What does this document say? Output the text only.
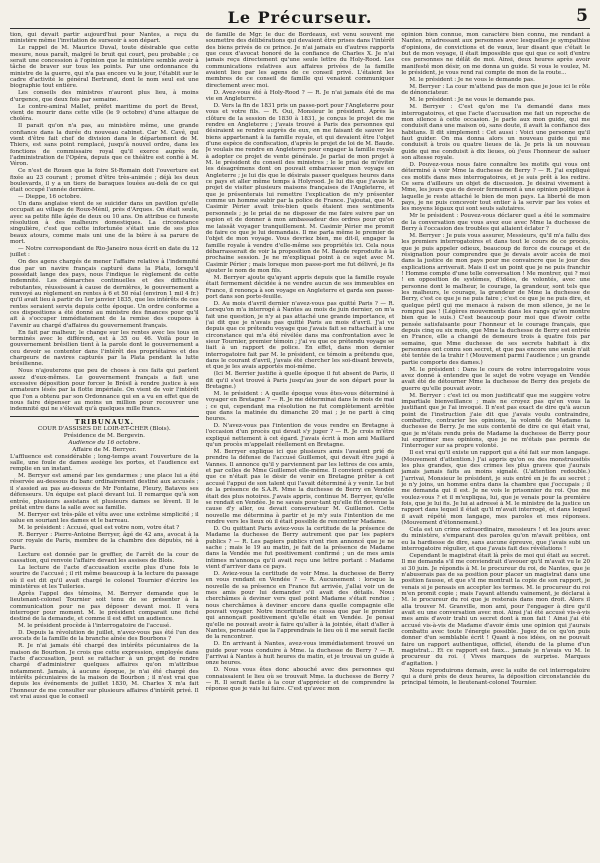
Le Précurseur.	5

tion, qui devait partir aujourd'hui pour Nantes, a reçu du ministère même l'invitation de surseoir à son départ.

Le rappel de M. Maurice Duval, toute désirable que cette mesure, nous paraît, malgré le bruit qui court, peu probable ; ce serait une concession à l'opinion que le ministère semble avoir à tâche de braver sur tous les points. Par une ordonnance du ministre de la guerre, qui n'a pas encore vu le jour, l'établit sur le cadre d'activité le général Bertrand, dont le nom seul est une biographie tout entière.

Les conseils des ministres n'auront plus lieu, à moins d'urgence, que deux fois par semaine.

Le contre-amiral Mallet, préfet maritime du port de Brest, vient de mourir dans cette ville (le 9 octobre) d'une attaque de choléra.

Il parait qu'on n'a pas, au ministère même, une grande confiance dans la durée du nouveau cabinet. Car M. Cavé, qui vient d'être fait chef de division dans le département de M. Thiers, est sans point remplacé, jusqu'à nouvel ordre, dans les fonctions de commissaire royal qu'il exerce auprès de l'administration de l'Opéra, depuis que ce théâtre est confié à M. Véron.

Ce n'est de Rouen que la foire St-Romain doit l'ouverture est fixée au 23 courant ; promet d'être très-animée ; déjà les deux boulevards, il y a un tiers de baraques louées au-delà de ce qui était occupé l'année dernière.

— Dieppe, 16 octobre.

Un dans anglaise vient de se suicider dans un pavillon qu'elle occupait au village de Roux-Ménil, près d'Arques. On était seule, avec sa petite fille âgée de deux ou 10 ans. On attribue ce funeste résolution à des malheurs domestiques. La circonstance singulière, c'est que cette infortunée s'était unie de ses plus beaux atours, comme mais uni une de la bière à sa parure de mort.

— Notre correspondant de Rio-Janeiro nous écrit en date du 12 juillet :

On des agens chargés de mener l'affaire relative à l'indemnité due par un navire français capturé dans la Plata, lorsqu'il possédait lange des pays, nous l'indique le règlement de cette indemnité. Les démarches continuelles et des difficultés rebutantes, réussissant à cause de dernières, le gouvernement a renvoyé au règlement en rentes à 6 et 50 réal (environ 1 mil 4 fr.) qu'il avait lieu à partir du 1er janvier 1835, que les intérêts de ces rentes seraient servis depuis cette époque. Un ordre conforme a ces dispositions a été donné au ministre des finances pour qu'il ait à s'occuper immédiatement de la remise des coupons à l'avenir au chargé d'affaires du gouvernement français.

En fait par malheur, le change sur les rentes avec les tous en terminés avec le différend, est à 35 ou 46. Voilà pour le gouvernement brésilien tient à la parole dont le gouvernement a ceu devoir se contenter dans l'intérêt des propriétaires et des chargeurs de navires capturés par la Plata pendant la lutte brésilienne.

Nous n'ajouterons que peu de choses à ces faits qui parlent assez d'eux-mêmes. Le gouvernement français a fait une excessive déposition pour forcer le Brésil à rendre justice à ses armateurs lésés par la flotte impériale. On vient de voir l'intérêt que l'on a obtenu par son Ordonnance qui en a vu en effet que de nous faire dépenser au moins un million pour recouvrer une indemnité qui ne s'élevait qu'à quelques mille francs.

TRIBUNAUX.

COUR D'ASSISES DE LOIR-ET-CHER (Blois).

Présidence de M. Bergevin.

Audience du 16 octobre.

Affaire de M. Berryer.

L'affluence est considérable ; long-temps avant l'ouverture de la salle, une foule de dames assiège les portes, et l'audience est remplie en un instant.

M. Berryer est amené par les gendarmes ; une place lui a été réservée au-dessous du banc ordinairement destiné aux accusés ; il s'assied au pas au-dessus de Mr Fontaine, Fleury, Bataves ses défenseurs. Un équipe est placé devant lui. Il remarque qu'à son entrée, plusieurs assistans et plusieurs dames se lèvent. Il le prélat entre dans la salle avec sa famille.

M. Berryer est très-pâle et vêtu avec une extrême simplicité ; il salue en souriant les dames et le barreau.

M. le président : Accusé, quel est votre nom, votre état ?

R. Berryer : Pierre-Antoine Berryer, âgé de 42 ans, avocat à la cour royale de Paris, membre de la chambre des députés, né à Paris.

Lecture est donnée par le greffier, de l'arrêt de la cour de cassation, qui renvoie l'affaire devant les assises de Blois.

La lecture de l'acte d'accusation excite plus d'une fois le sourire de l'accusé ; il rit même beaucoup à la lecture du passage où il est dit qu'il avait chargé le colonel Tournier d'écrire les ministères et les Tuileries.

Après l'appel des témoins, M. Berryer demande que le lieutenant-colonel Tournier soit tenu de se présenter à la communication pour ne pas déposer devant moi. Il vera interroger pour moment. M. le président comparait une fiché destiné de la demande, et comme il est effet un audience.

M. le président procède à l'interrogatoire de l'accusé.

D. Depuis la révolution de juillet, n'avez-vous pas été l'un des avocats de la famille de la branche aînée des Bourbons ?

R. Je n'ai jamais été chargé des intérêts pécuniaires de la maison de Bourbon. Je crois que cette expression, employée dans l'acte d'accusation, peut se rattacher à un projet de rendre chargé d'administrer quelques affaires qu'on m'attribue notamment. Jamais, à aucune époque, je n'ai été chargé des intérêts pécuniaires de la maison de Bourbon ; il n'est vrai que depuis les événements de juillet 1830, M. Charles X m'a fait l'honneur de me consulter sur plusieurs affaires d'intérêt privé. Il est vrai aussi que le conseil

de famille de Mgr. le duc de Bordeaux, est venu souvent me soumettre des délibérations qui devaient être prises dans l'intérêt des biens privés de ce prince. Je n'ai jamais eu d'autres rapports que ceux d'avocat honoré de la confiance de Charles X. Je n'ai jamais reçu directement qu'une seule lettre du Holy-Rood. Les communications relatives aux affaires privées de la famille avaient lieu par les agens de ce conseil privé. L'étaient les membres de ce conseil de famille qui venaient communiquer directement avec moi.

D. Avez-vous été à Holy-Rood ? — R. Je n'ai jamais été de ma vie en Angleterre.

D. Vers la fin de 1831 pris un passe-port pour l'Angleterre pour vous et votre fils. — R. Oui, Monsieur le président. Après la clôture de la session de 1830 à 1831, je conçus le projet de me rendre en Angleterre ; j'avais trouvé à Paris des personnes qui désiraient se rendre auprès de eux, en me faisant de sauver les biens appartenant à la famille royale, et qui devaient être l'objet d'une espèce de confiscation, d'après le projet de loi de M. Baude. Je voulais me rendre en Angleterre pour engager la famille royale à adopter ce projet de vente générale. Je parlai de mon projet à M. le président du conseil des ministres ; le le priai de m'éviter les désagrémens dont on pouvait embarrasser mon voyage en Angleterre ; je lui dis que le désirais passer quelques heures dans ce pays et aller même temps à Holyrood. Je lui dis que j'avais le projet de visiter plusieurs maisons françaises de l'Angleterre, et que je présenterais lui remettre l'explication de m'y présenter comme un homme subir par la police de France. J'ajoutai, que M. Casimir Périer avait très-bien quels étaient mes sentiments personnels ; je le priai de ne disposer de me faire suivre par un espion et de donner à mon ambassadeur des ordres pour qu'on me laissât voyager tranquillement. M. Casimir Périer me promit de faire ce que je lui demandais. Il me parla même le premier de l'objet de mon voyage. Vous devriez bien, me dit-il, engager la famille royale à vendre d'elle-même ses propriétés ici. Cela nous débarrasserait de voir la proposition de M. Baude reproduite à la prochaine session. Je ne m'expliquai point à ce sujet avec M. Casimir Périer ; mais lorsque mon passe-port me fut délivré, je fis ajouter le nom de mon fils.

M. Berryer ajoute qu'ayant appris depuis que la famille royale était fermement décidée à ne vendre aucun de ses immeubles en France, il renonça à son voyage en Angleterre et garda son passe-port dans son porte-feuille.

D. Au mois d'avril dernier n'avez-vous pas quitté Paris ? — R. Lorsqu'on m'a interrogé à Nantes au mois de juin dernier, on m'a fait une question, je n'y ai pas attaché une grande importance, et j'ai dit que je n'avais pas quitté Paris au mois d'avril. J'ai vu depuis que ce prétendu voyage que j'avais fait se rattachait à une circonstance qui m'a été révélée dans ma confrontation avec le sieur Tournier, premier témoin ; j'ai vu que ce prétendu voyage se liait à un rapport de police. En effet, dans mon dernier interrogatoire fait par M. le président, ce témoin a prétendu que, dans le courant d'avril, j'avais été chercher les soi-disant brevets, et que je les avais apportés moi-même.

(Ici M. Berrier justifie à quelle époque il fut absent de Paris, il dit qu'il s'est trouvé à Paris jusqu'au jour de son départ pour la Bretagne.)

M. le président : A quelle époque vous êtes-vous déterminé à voyager en Bretagne ? — R. Je me déterminai dans le mois de mai ; ce qui, cependant ma résolution ne fut complètement arrêtée que dans la matinée du dimanche 20 mai ; je ne parti à cinq heures.

D. N'avez-vous pas l'intention de vous rendre en Bretagne à l'occasion d'un procès qui devait s'y juger ? — R. Je crois m'être expliqué nettement à cet égard. J'avais écrit à mon ami Maillard qu'un procès m'appelait réellement en Bretagne.

M. Berryer explique ici que plusieurs amis l'avaient prié de prendre la défense de l'accusé Guillemot, qui devait être jugé à Vannes. Il annonce qu'il y parviennent par les lettres de ces amis, et par celles de Mme Guillemot elle-même. Il convient cependant que ce n'était pas le désir de venir en Bretagne prêter à cet accusé l'appui de son talent qui l'avait déterminé à y venir. Le but de la présence de S.A.R. Mme la duchesse de Berry en Vendée était des plus notoires. J'avais appris, continue M. Berryer, qu'elle se rendait en Vendée. Je ne savais pour-tant qu'elle fût devenue la cause d'y aller, ou devait conservateur M. Guillemot. Cette nouvelle me détermina à partir et je m'y suis l'intention de me rendre vers les lieux où il était possible de rencontrer Madame.

D. Ou quittant Paris aviez-vous la certitude de la présence de Madame la duchesse de Berry autrement que par les papiers publics ? — R. Les papiers publics n'ont rien annoncé que je ne sache ; mais le 19 au matin, je fait de la présence de Madame dans la Vendée me fut positivement confirmé ; un de mes amis intimes m'annonça qu'il avait reçu une lettre portant : Madame vient d'arriver dans ce pays.

D. Aviez-vous la certitude de voir Mme. la duchesse de Berry en vous rendant en Vendée ? — R. Aucunement : lorsque la nouvelle de sa présence en France fut arrivée, j'allai voir un de mes amis pour lui demander s'il avait des détails. Nous cherchâmes à deviner vers quel point Madame s'était rendue ; nous cherchâmes à deviner encore dans quelle compagnie elle pouvait voyager. Notre incertitude ne cessa que par le premier qui annonçait positivement qu'elle était en Vendée. Je pensai qu'elle ne pouvait avoir à faire qu'aller à la jointée, était d'aller à Nantes, persuadé que la l'apprendrais le lieu où il me serait facile de la rencontrer.

D. En arrivant à Nantes, avez-vous immédiatement trouvé un guide pour vous conduire à Mme. la duchesse de Berry ? — R. J'arrivai à Nantes à huit heures du matin, et je trouvai un guide à onze heures.

D. Nous vous êtes donc abouché avec des personnes qui connaissaient le lieu où se trouvait Mme. la duchesse de Berry ? — R. Il serait facile à la cour d'apprécier et de comprendre la réponse que je vais lui faire. C'est qu'avec mon

opinion bien connue, mon caractère bien connu, me rendant à Nantes, m'adressant aux personnes avec lesquelles je sympathise d'opinions, de convictions et de vœux, leur disant que c'était le but de mon voyage, il était impossible que qui que ce soit d'entre ces personnes ne délât de moi. Ainsi, deux heures après avoir manifesté mon désir, on me donna un guide. Si vous le voulez, M. le président, je vous rend rai compte de mon de la route...

M. le président : Je ne vous le demande pas.

M. Berryer : La cour m'attend pas de mon que je joue ici le rôle de dénonciateur.

M. le président : Je ne vous le demande pas.

M. Berryer : C'est qu'on me l'a demandé dans mes interrogatoires, et que l'acte d'accusation me fait un reproche de mon silence à cette occasion. Je parle aux mon guide, qui me conduisit dans une maison où, sans doute, il avait la confiance des habitans. Il dit simplement : Cet aussi : Voici une personne qu'il faut guider. On ma donna alors un nouveau guide qui me conduisit à trois ou quatre lieues de là. Je pris là un nouveau guide qui me conduisit à dix lieues, où j'eus l'honneur de saluer son altesse royale.

D. Pouvez-vous nous faire connaître les motifs qui vous ont déterminé à voir Mme la duchesse de Berry ? — R. J'ai expliqué ces motifs dans mes interrogatoires, et je suis prêt à les redire. Ce sera d'ailleurs un objet de discussion. Je désirai vivement à Mme, les jours que de devoir fermement à une opinion politique à laquelle je reste attaché le bien de mon pays. La liberté de mon pays, je ne puis concevoir tout entier à la servir par les voies et les moyens légaux qui sont seuls salutaires.

Mr le président : Pouvez-vous déclarer quel a été le sommaire de la conversation que vous avez eue avec Mme la duchesse de Berry à l'occasion des troubles qui allaient éclater ?

M. Berryer : Je puis vous assurer, Messieurs, qu'il m'a fallu des les premiers interrogatoires et dans tout le cours de ce procès, que je puis appeler odieux, beaucoup de force de courage et de résignation pour comprendre que je devais avoir accès de moi dans la justice de mon pays pour me convaincre que le jour des explications arriverait. Mais il est un point que je ne puis franchir ! Homme compte d'une telle conversation ! Me montrer, qui ? moi ! en opposition de systèmes, d'idées, de volontés, avec une personne dont le malheur, le courage, la grandeur, sont tels que les malheurs, le courage, la grandeur de Mme la duchesse de Berry, c'est ce que je ne puis faire ; c'est ce que je ne puis dire, et quelque péril qui me menace à raison de mon silence, je ne le romprai pas ! (Légères mouvements dans les rangs qu'en montre bien que le suis.) C'est beaucoup pour moi que d'avoir cette pensée satisfaisante pour l'honneur et le courage français, que depuis cinq ou six mois, que Mme la duchesse de Berry est entrée en France, elle a changé de demeure trois à quatre fois par semaine, que Mme duchesse de ses secrets habitait à dix personnes ont connu son secret, et que pas encore une seule n'ait été tentée de la trahir ! (Mouvement parmi l'audience ; un grande partie comporte des dames.)

M. le président : Dans le cours de votre interrogatoire vous avez donné à entendre que le sujet de votre voyage en Vendée avait été de détourner Mme la duchesse de Berry des projets de guerre qu'elle pouvait avoir.

M. Berryer : c'est ici ou mon justificatif que me suggère votre impartiale bienveillance ; mais ne croyez pas qu'en vous la justifiant que je l'ai invoqué. Il n'est pas exact de dire qu'à aucun point de l'instruction j'aie dit que j'avais voulu contraindre, combattre, contrarier les opinions, la volonté de Madame la duchesse de Berry. Je me suis contenté de dire ce qui était vrai, que je m'étais rendu près de Madame la duchesse de Berry pour lui exprimer mes opinions, que je ne m'étais pas permis de l'interroger sur sa propre volonté.

Il est vrai qu'il existe un rapport qui a été fait sur mon langage. (Mouvement d'attention.) J'ai appris qu'on ou des monstruosités les plus grandes, que des crimes les plus graves que j'aurais jamais jamais faits au moins signalé. (L'attention redouble.) J'arrivai, Monsieur le président, je suis entré en je fis au secret ; je n'y joins, un homme entra dans la chambre que j'occupais ; il me demanda qui il est. Je ne vois le prisonnier du roi. Que me voulez-vous ? et il m'expliqua, lui, que je venais pour la première fois, que je lui fis. Je lui ai adressé à M. le ministre de la justice un rapport dans lequel il était qu'il m'avait interrogé, et dans lequel il avait répété mon langage, mes paroles et mes réponses. (Mouvement d'étonnement.)

Cela est un crime extraordinaire, messieurs ! et les jours avec du ministère, s'emparant des paroles qu'on m'avait prêtées, ont eu la hardiesse de dire, sans aucune épreuve, que j'avais subi un interrogatoire régulier, et que j'avais fait des révélations !

Cependant le magistrat était là près de moi qui était au secret. Il me demanda s'il me conviendrait d'avouer qu'il m'avait vu le 20 si 30 juin. Je répondis à M. le procureur du roi, de Nantes, que je n'abuserais pas de sa position pour placer un magistrat dans une position fausse, et que s'il me montrait la copie de son rapport, je venais si je pensais en accepter les termes. M. le procureur du roi m'en promit copie ; mais l'ayant attendu vainement, je déclarai à M. le procureur du roi que je resterais dans mon droit. Alors il alla trouver M. Granville, mon ami, pour l'engager à dire qu'il avait eu une conversation avec moi. Ainsi j'ai été accusé vis-à-vis mes amis d'avoir trahi un secret dont à mon fait ! Ainsi j'ai été accusé vis-à-vis de Madame d'avoir émis une opinion qui j'aurais combattu avec toute l'énergie possible. Jugez de ce qu'on puis donner d'un semblable écrit ! Quant à nos idées, on ne pouvait faire un rapport authentique, officiel, étendu de la plume d'un magistrat... Et ce rapport est faux... jamais je n'avais vu M. le procureur du roi. ( Vives marques de surprise. Marques d'agitation. )

Nous reproduirons demain, avec la suite de cet interrogatoire qui a duré près de deux heures, la déposition circonstanciée du principal témoin, le lieutenant-colonel Tournier.
